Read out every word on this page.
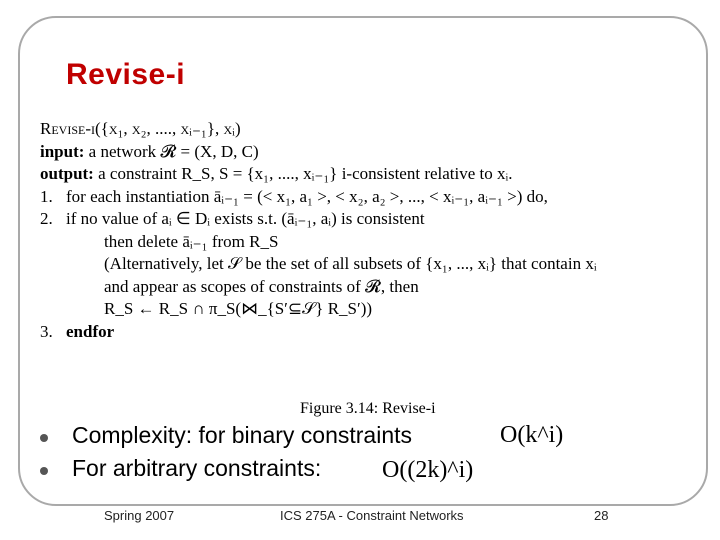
Revise-i
Revise-i({x₁, x₂, ...., xᵢ₋₁}, xᵢ)
input: a network 𝓡 = (X, D, C)
output: a constraint R_S, S = {x₁, ...., xᵢ₋₁} i-consistent relative to xᵢ.
1. for each instantiation āᵢ₋₁ = (< x₁, a₁ >, < x₂, a₂ >, ..., < xᵢ₋₁, aᵢ₋₁ >) do,
2. if no value of aᵢ ∈ Dᵢ exists s.t. (āᵢ₋₁, aᵢ) is consistent
then delete āᵢ₋₁ from R_S
(Alternatively, let 𝒮 be the set of all subsets of {x₁, ..., xᵢ} that contain xᵢ
and appear as scopes of constraints of 𝓡, then
R_S ← R_S ∩ π_S(⋈_{S′⊆𝒮} R_S′))
3. endfor
Figure 3.14: Revise-i
Complexity: for binary constraints
For arbitrary constraints:
O(k^i)
O((2k)^i)
Spring 2007	ICS 275A - Constraint Networks	28
